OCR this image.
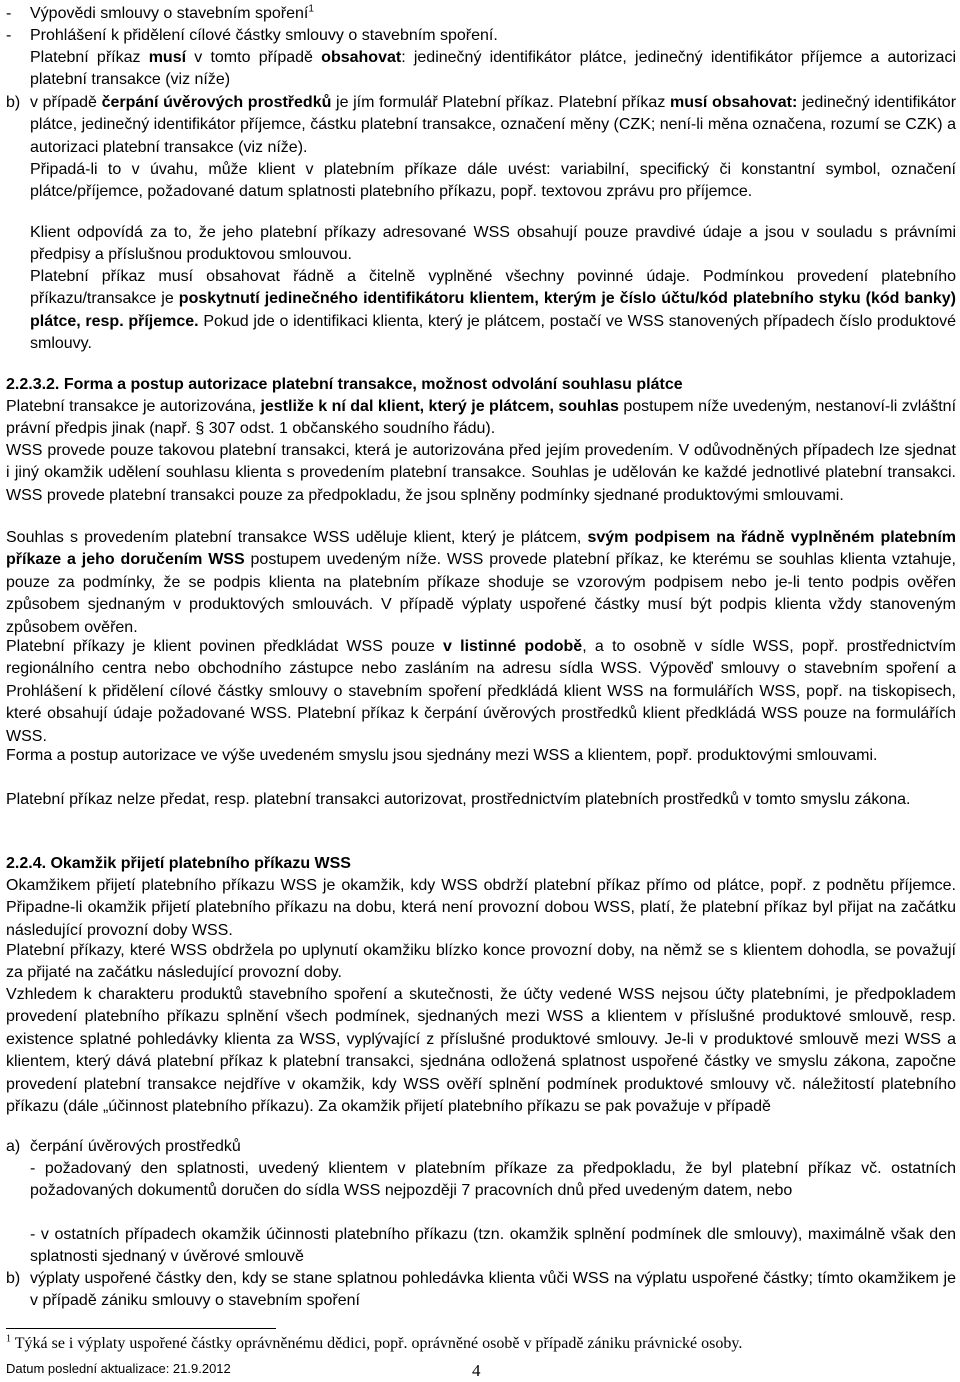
- Výpovědi smlouvy o stavebním spoření$^1$
- Prohlášení k přidělení cílové částky smlouvy o stavebním spoření.

Platební příkaz musí v tomto případě obsahovat: jedinečný identifikátor plátce, jedinečný identifikátor příjemce a autorizaci platební transakce (viz níže)

b) v případě čerpání úvěrových prostředků je jím formulář Platební příkaz. Platební příkaz musí obsahovat: jedinečný identifikátor plátce, jedinečný identifikátor příjemce, částku platební transakce, označení měny (CZK; není-li měna označena, rozumí se CZK) a autorizaci platební transakce (viz níže).

Připadá-li to v úvahu, může klient v platebním příkaze dále uvést: variabilní, specifický či konstantní symbol, označení plátce/příjemce, požadované datum splatnosti platebního příkazu, popř. textovou zprávu pro příjemce.

Klient odpovídá za to, že jeho platební příkazy adresované WSS obsahují pouze pravdivé údaje a jsou v souladu s právními předpisy a příslušnou produktovou smlouvou.

Platební příkaz musí obsahovat řádně a čitelně vyplněné všechny povinné údaje. Podmínkou provedení platebního příkazu/transakce je poskytnutí jedinečného identifikátoru klientem, kterým je číslo účtu/kód platebního styku (kód banky) plátce, resp. příjemce. Pokud jde o identifikaci klienta, který je plátcem, postačí ve WSS stanovených případech číslo produktové smlouvy.

2.2.3.2. Forma a postup autorizace platební transakce, možnost odvolání souhlasu plátce

Platební transakce je autorizována, jestliže k ní dal klient, který je plátcem, souhlas postupem níže uvedeným, nestanoví-li zvláštní právní předpis jinak (např. § 307 odst. 1 občanského soudního řádu).

WSS provede pouze takovou platební transakci, která je autorizována před jejím provedením. V odůvodněných případech lze sjednat i jiný okamžik udělení souhlasu klienta s provedením platební transakce. Souhlas je udělován ke každé jednotlivé platební transakci. WSS provede platební transakci pouze za předpokladu, že jsou splněny podmínky sjednané produktovými smlouvami.

Souhlas s provedením platební transakce WSS uděluje klient, který je plátcem, svým podpisem na řádně vyplněném platebním příkaze a jeho doručením WSS postupem uvedeným níže. WSS provede platební příkaz, ke kterému se souhlas klienta vztahuje, pouze za podmínky, že se podpis klienta na platebním příkaze shoduje se vzorovým podpisem nebo je-li tento podpis ověřen způsobem sjednaným v produktových smlouvách. V případě výplaty uspořené částky musí být podpis klienta vždy stanoveným způsobem ověřen.

Platební příkazy je klient povinen předkládat WSS pouze v listinné podobě, a to osobně v sídle WSS, popř. prostřednictvím regionálního centra nebo obchodního zástupce nebo zasláním na adresu sídla WSS. Výpověď smlouvy o stavebním spoření a Prohlášení k přidělení cílové částky smlouvy o stavebním spoření předkládá klient WSS na formulářích WSS, popř. na tiskopisech, které obsahují údaje požadované WSS. Platební příkaz k čerpání úvěrových prostředků klient předkládá WSS pouze na formulářích WSS.

Forma a postup autorizace ve výše uvedeném smyslu jsou sjednány mezi WSS a klientem, popř. produktovými smlouvami.

Platební příkaz nelze předat, resp. platební transakci autorizovat, prostřednictvím platebních prostředků v tomto smyslu zákona.

2.2.4. Okamžik přijetí platebního příkazu WSS

Okamžikem přijetí platebního příkazu WSS je okamžik, kdy WSS obdrží platební příkaz přímo od plátce, popř. z podnětu příjemce. Připadne-li okamžik přijetí platebního příkazu na dobu, která není provozní dobou WSS, platí, že platební příkaz byl přijat na začátku následující provozní doby WSS.

Platební příkazy, které WSS obdržela po uplynutí okamžiku blízko konce provozní doby, na němž se s klientem dohodla, se považují za přijaté na začátku následující provozní doby.

Vzhledem k charakteru produktů stavebního spoření a skutečnosti, že účty vedené WSS nejsou účty platebními, je předpokladem provedení platebního příkazu splnění všech podmínek, sjednaných mezi WSS a klientem v příslušné produktové smlouvě, resp. existence splatné pohledávky klienta za WSS, vyplývající z příslušné produktové smlouvy. Je-li v produktové smlouvě mezi WSS a klientem, který dává platební příkaz k platební transakci, sjednána odložená splatnost uspořené částky ve smyslu zákona, započne provedení platební transakce nejdříve v okamžik, kdy WSS ověří splnění podmínek produktové smlouvy vč. náležitostí platebního příkazu (dále „účinnost platebního příkazu). Za okamžik přijetí platebního příkazu se pak považuje v případě

a) čerpání úvěrových prostředků

- požadovaný den splatnosti, uvedený klientem v platebním příkaze za předpokladu, že byl platební příkaz vč. ostatních požadovaných dokumentů doručen do sídla WSS nejpozději 7 pracovních dnů před uvedeným datem, nebo

- v ostatních případech okamžik účinnosti platebního příkazu (tzn. okamžik splnění podmínek dle smlouvy), maximálně však den splatnosti sjednaný v úvěrové smlouvě

b) výplaty uspořené částky den, kdy se stane splatnou pohledávka klienta vůči WSS na výplatu uspořené částky; tímto okamžikem je v případě zániku smlouvy o stavebním spoření

$^1$ Týká se i výplaty uspořené částky oprávněnému dědici, popř. oprávněné osobě v případě zániku právnické osoby.
Datum poslední aktualizace: 21.9.2012	4
